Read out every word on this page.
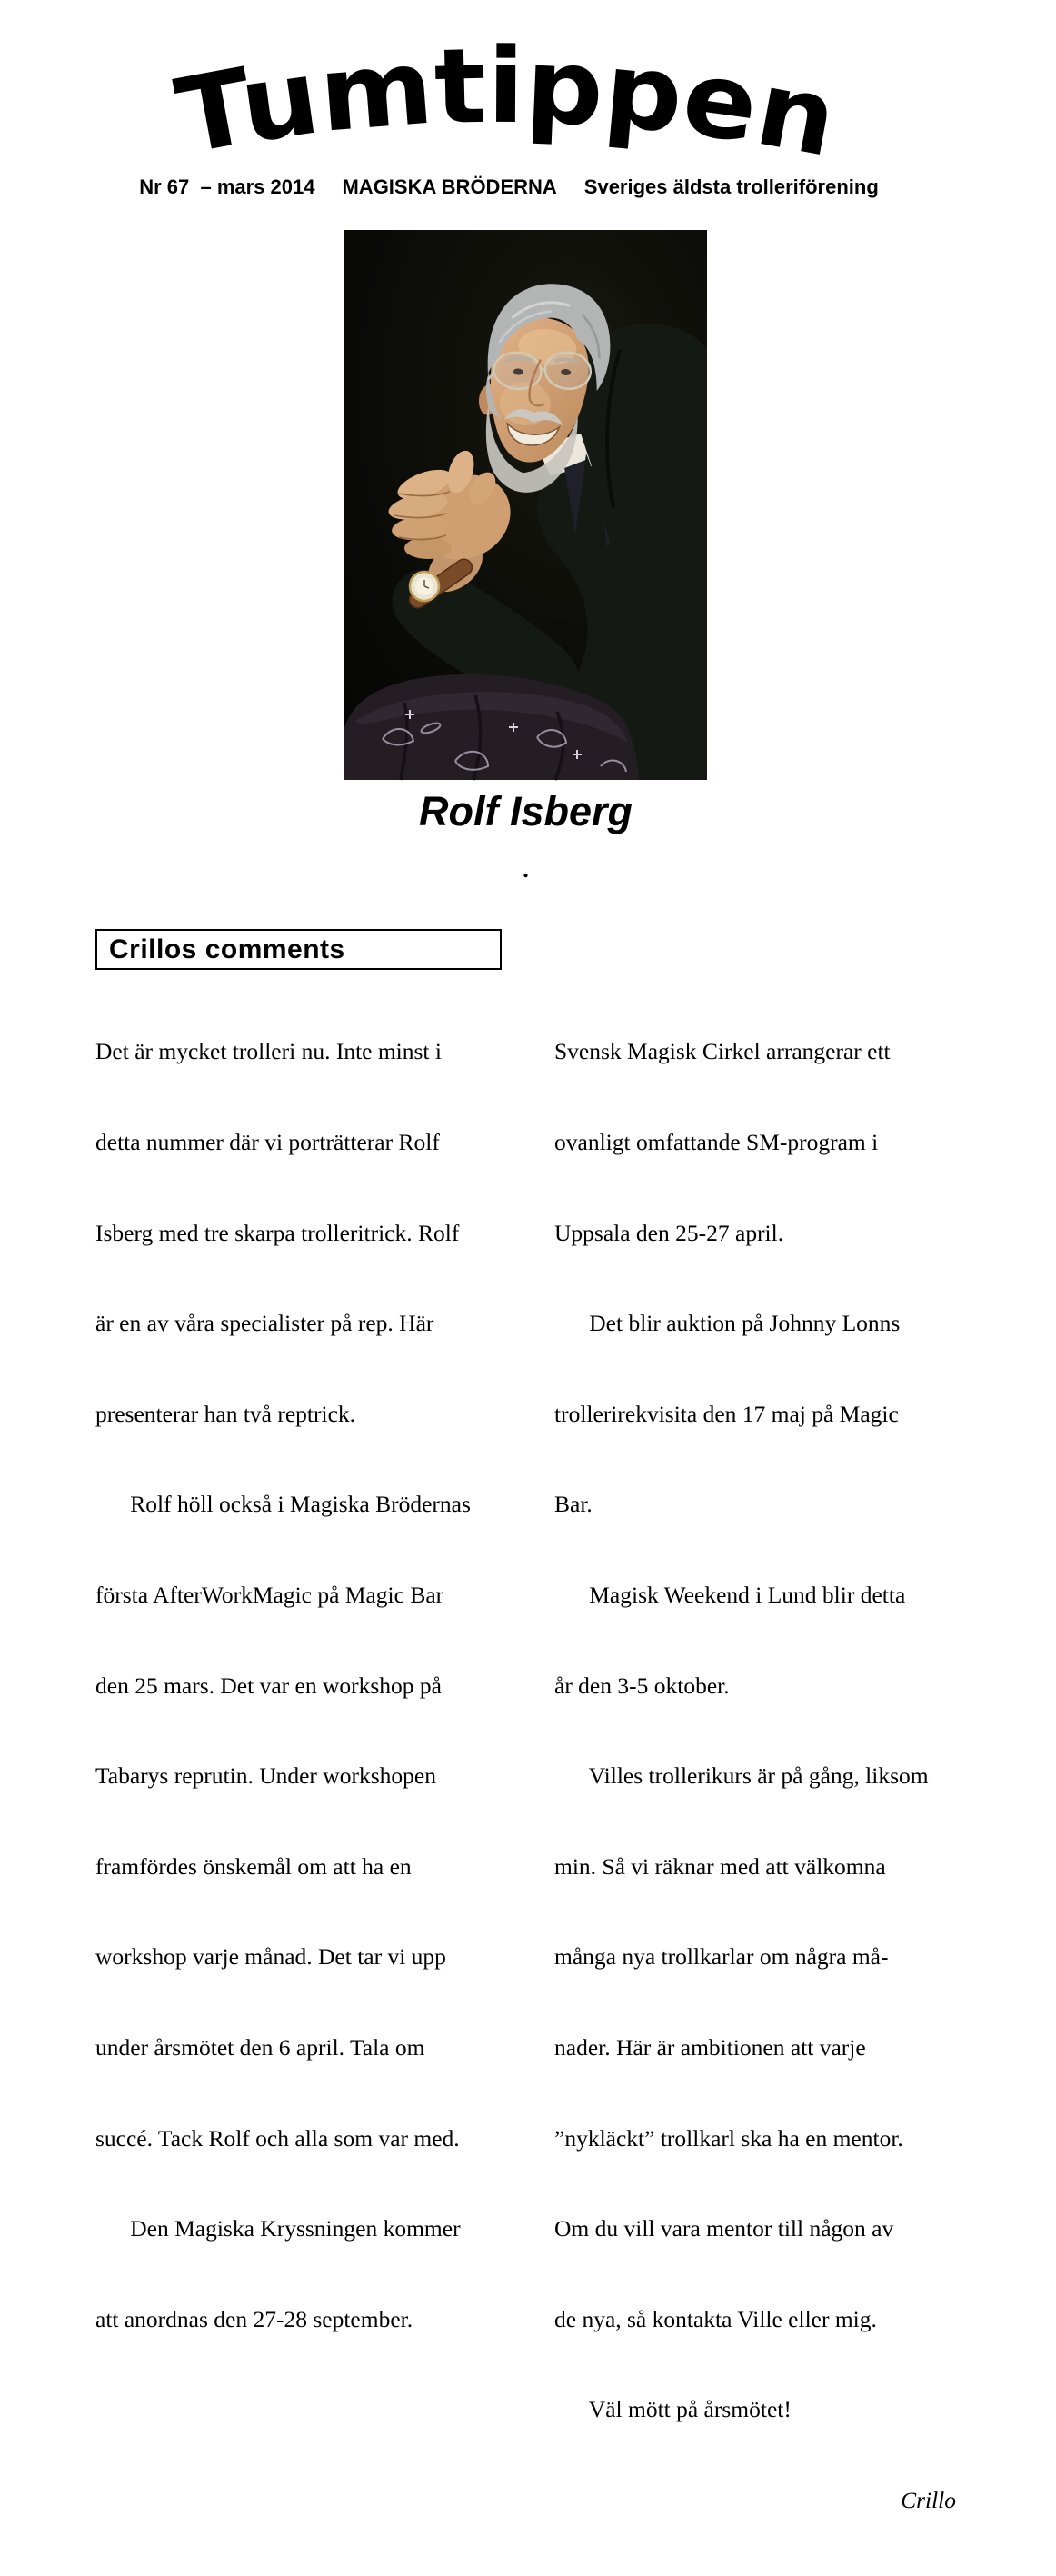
Tumtippen
Nr 67  – mars 2014 MAGISKA BRÖDERNA Sveriges äldsta trolleriförening
Rolf Isberg
.
Crillos comments

Det är mycket trolleri nu. Inte minst i

detta nummer där vi porträtterar Rolf

Isberg med tre skarpa trolleritrick. Rolf

är en av våra specialister på rep. Här

presenterar han två reptrick.

Rolf höll också i Magiska Brödernas

första AfterWorkMagic på Magic Bar

den 25 mars. Det var en workshop på

Tabarys reprutin. Under workshopen

framfördes önskemål om att ha en

workshop varje månad. Det tar vi upp

under årsmötet den 6 april. Tala om

succé. Tack Rolf och alla som var med.

Den Magiska Kryssningen kommer

att anordnas den 27-28 september.

Svensk Magisk Cirkel arrangerar ett

ovanligt omfattande SM-program i

Uppsala den 25-27 april.

Det blir auktion på Johnny Lonns

trollerirekvisita den 17 maj på Magic

Bar.

Magisk Weekend i Lund blir detta

år den 3-5 oktober.

Villes trollerikurs är på gång, liksom

min. Så vi räknar med att välkomna

många nya trollkarlar om några må-

nader. Här är ambitionen att varje

”nykläckt” trollkarl ska ha en mentor.

Om du vill vara mentor till någon av

de nya, så kontakta Ville eller mig.

Väl mött på årsmötet!

Crillo
